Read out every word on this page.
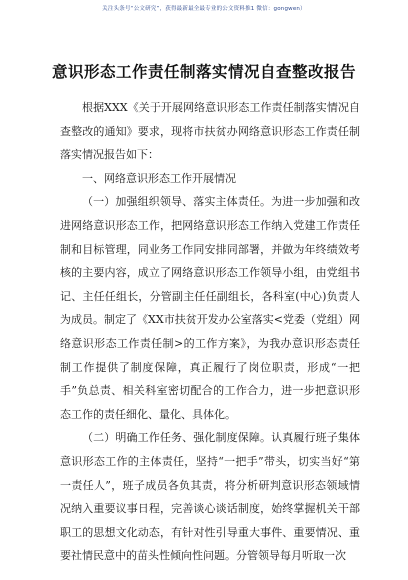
关注头条号“公文研究”，获得最新最全最专业的公文资料推1 微信：gongwen）
意识形态工作责任制落实情况自查整改报告

根据XXX《关于开展网络意识形态工作责任制落实情况自查整改的通知》要求，现将市扶贫办网络意识形态工作责任制落实情况报告如下：

一、网络意识形态工作开展情况

（一）加强组织领导、落实主体责任。为进一步加强和改进网络意识形态工作，把网络意识形态工作纳入党建工作责任制和目标管理，同业务工作同安排同部署，并做为年终绩效考核的主要内容，成立了网络意识形态工作领导小组，由党组书记、主任任组长，分管副主任任副组长，各科室(中心)负责人为成员。制定了《XX市扶贫开发办公室落实<党委（党组）网络意识形态工作责任制>的工作方案》，为我办意识形态责任制工作提供了制度保障，真正履行了岗位职责，形成“一把手”负总责、相关科室密切配合的工作合力，进一步把意识形态工作的责任细化、量化、具体化。

（二）明确工作任务、强化制度保障。认真履行班子集体意识形态工作的主体责任，坚持“一把手”带头，切实当好“第一责任人”，班子成员各负其责，将分析研判意识形态领域情况纳入重要议事日程，完善谈心谈话制度，始终掌握机关干部职工的思想文化动态，有针对性引导重大事件、重要情况、重要社情民意中的苗头性倾向性问题。分管领导每月听取一次
